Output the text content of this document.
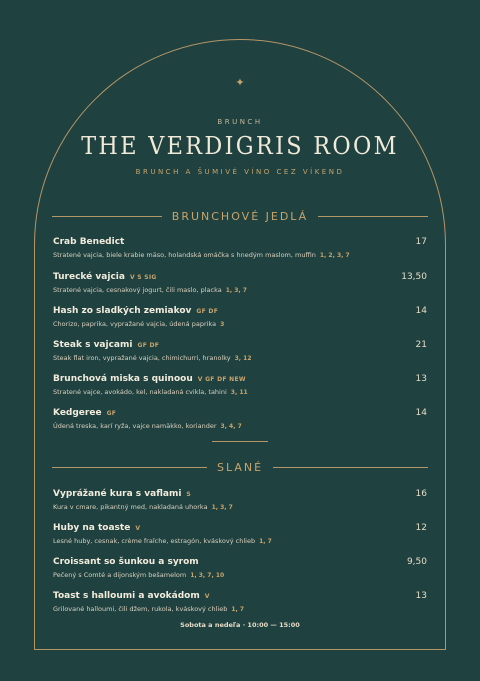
✦
BRUNCH
THE VERDIGRIS ROOM
BRUNCH A ŠUMIVÉ VÍNO CEZ VÍKEND
BRUNCHOVÉ JEDLÁ
Crab Benedict	17
Stratené vajcia, biele krabie mäso, holandská omáčka s hnedým maslom, muffin 1, 2, 3, 7
Turecké vajcia V S SIG	13,50
Stratené vajcia, cesnakový jogurt, čili maslo, placka 1, 3, 7
Hash zo sladkých zemiakov GF DF	14
Chorizo, paprika, vypražané vajcia, údená paprika 3
Steak s vajcami GF DF	21
Steak flat iron, vypražané vajcia, chimichurri, hranolky 3, 12
Brunchová miska s quinoou V GF DF NEW	13
Stratené vajce, avokádo, kel, nakladaná cvikla, tahini 3, 11
Kedgeree GF	14
Údená treska, karí ryža, vajce namäkko, koriander 3, 4, 7
SLANÉ
Vyprážané kura s vaflami S	16
Kura v cmare, pikantný med, nakladaná uhorka 1, 3, 7
Huby na toaste V	12
Lesné huby, cesnak, crème fraîche, estragón, kváskový chlieb 1, 7
Croissant so šunkou a syrom	9,50
Pečený s Comté a dijonským bešamelom 1, 3, 7, 10
Toast s halloumi a avokádom V	13
Grilované halloumi, čili džem, rukola, kváskový chlieb 1, 7
Sobota a nedeľa · 10:00 — 15:00
